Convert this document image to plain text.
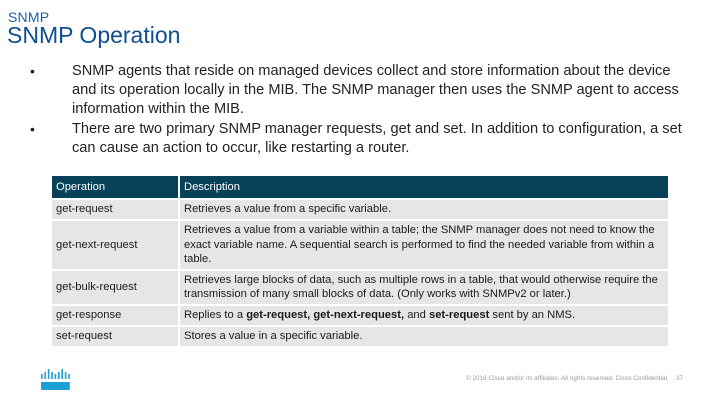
SNMP
SNMP Operation
• SNMP agents that reside on managed devices collect and store information about the device and its operation locally in the MIB. The SNMP manager then uses the SNMP agent to access information within the MIB.
• There are two primary SNMP manager requests, get and set. In addition to configuration, a set can cause an action to occur, like restarting a router.
Operation	Description
get-request	Retrieves a value from a specific variable.
get-next-request	Retrieves a value from a variable within a table; the SNMP manager does not need to know the exact variable name. A sequential search is performed to find the needed variable from within a table.
get-bulk-request	Retrieves large blocks of data, such as multiple rows in a table, that would otherwise require the transmission of many small blocks of data. (Only works with SNMPv2 or later.)
get-response	Replies to a get-request, get-next-request, and set-request sent by an NMS.
set-request	Stores a value in a specific variable.
© 2016 Cisco and/or its affiliates. All rights reserved. Cisco Confidential 37
